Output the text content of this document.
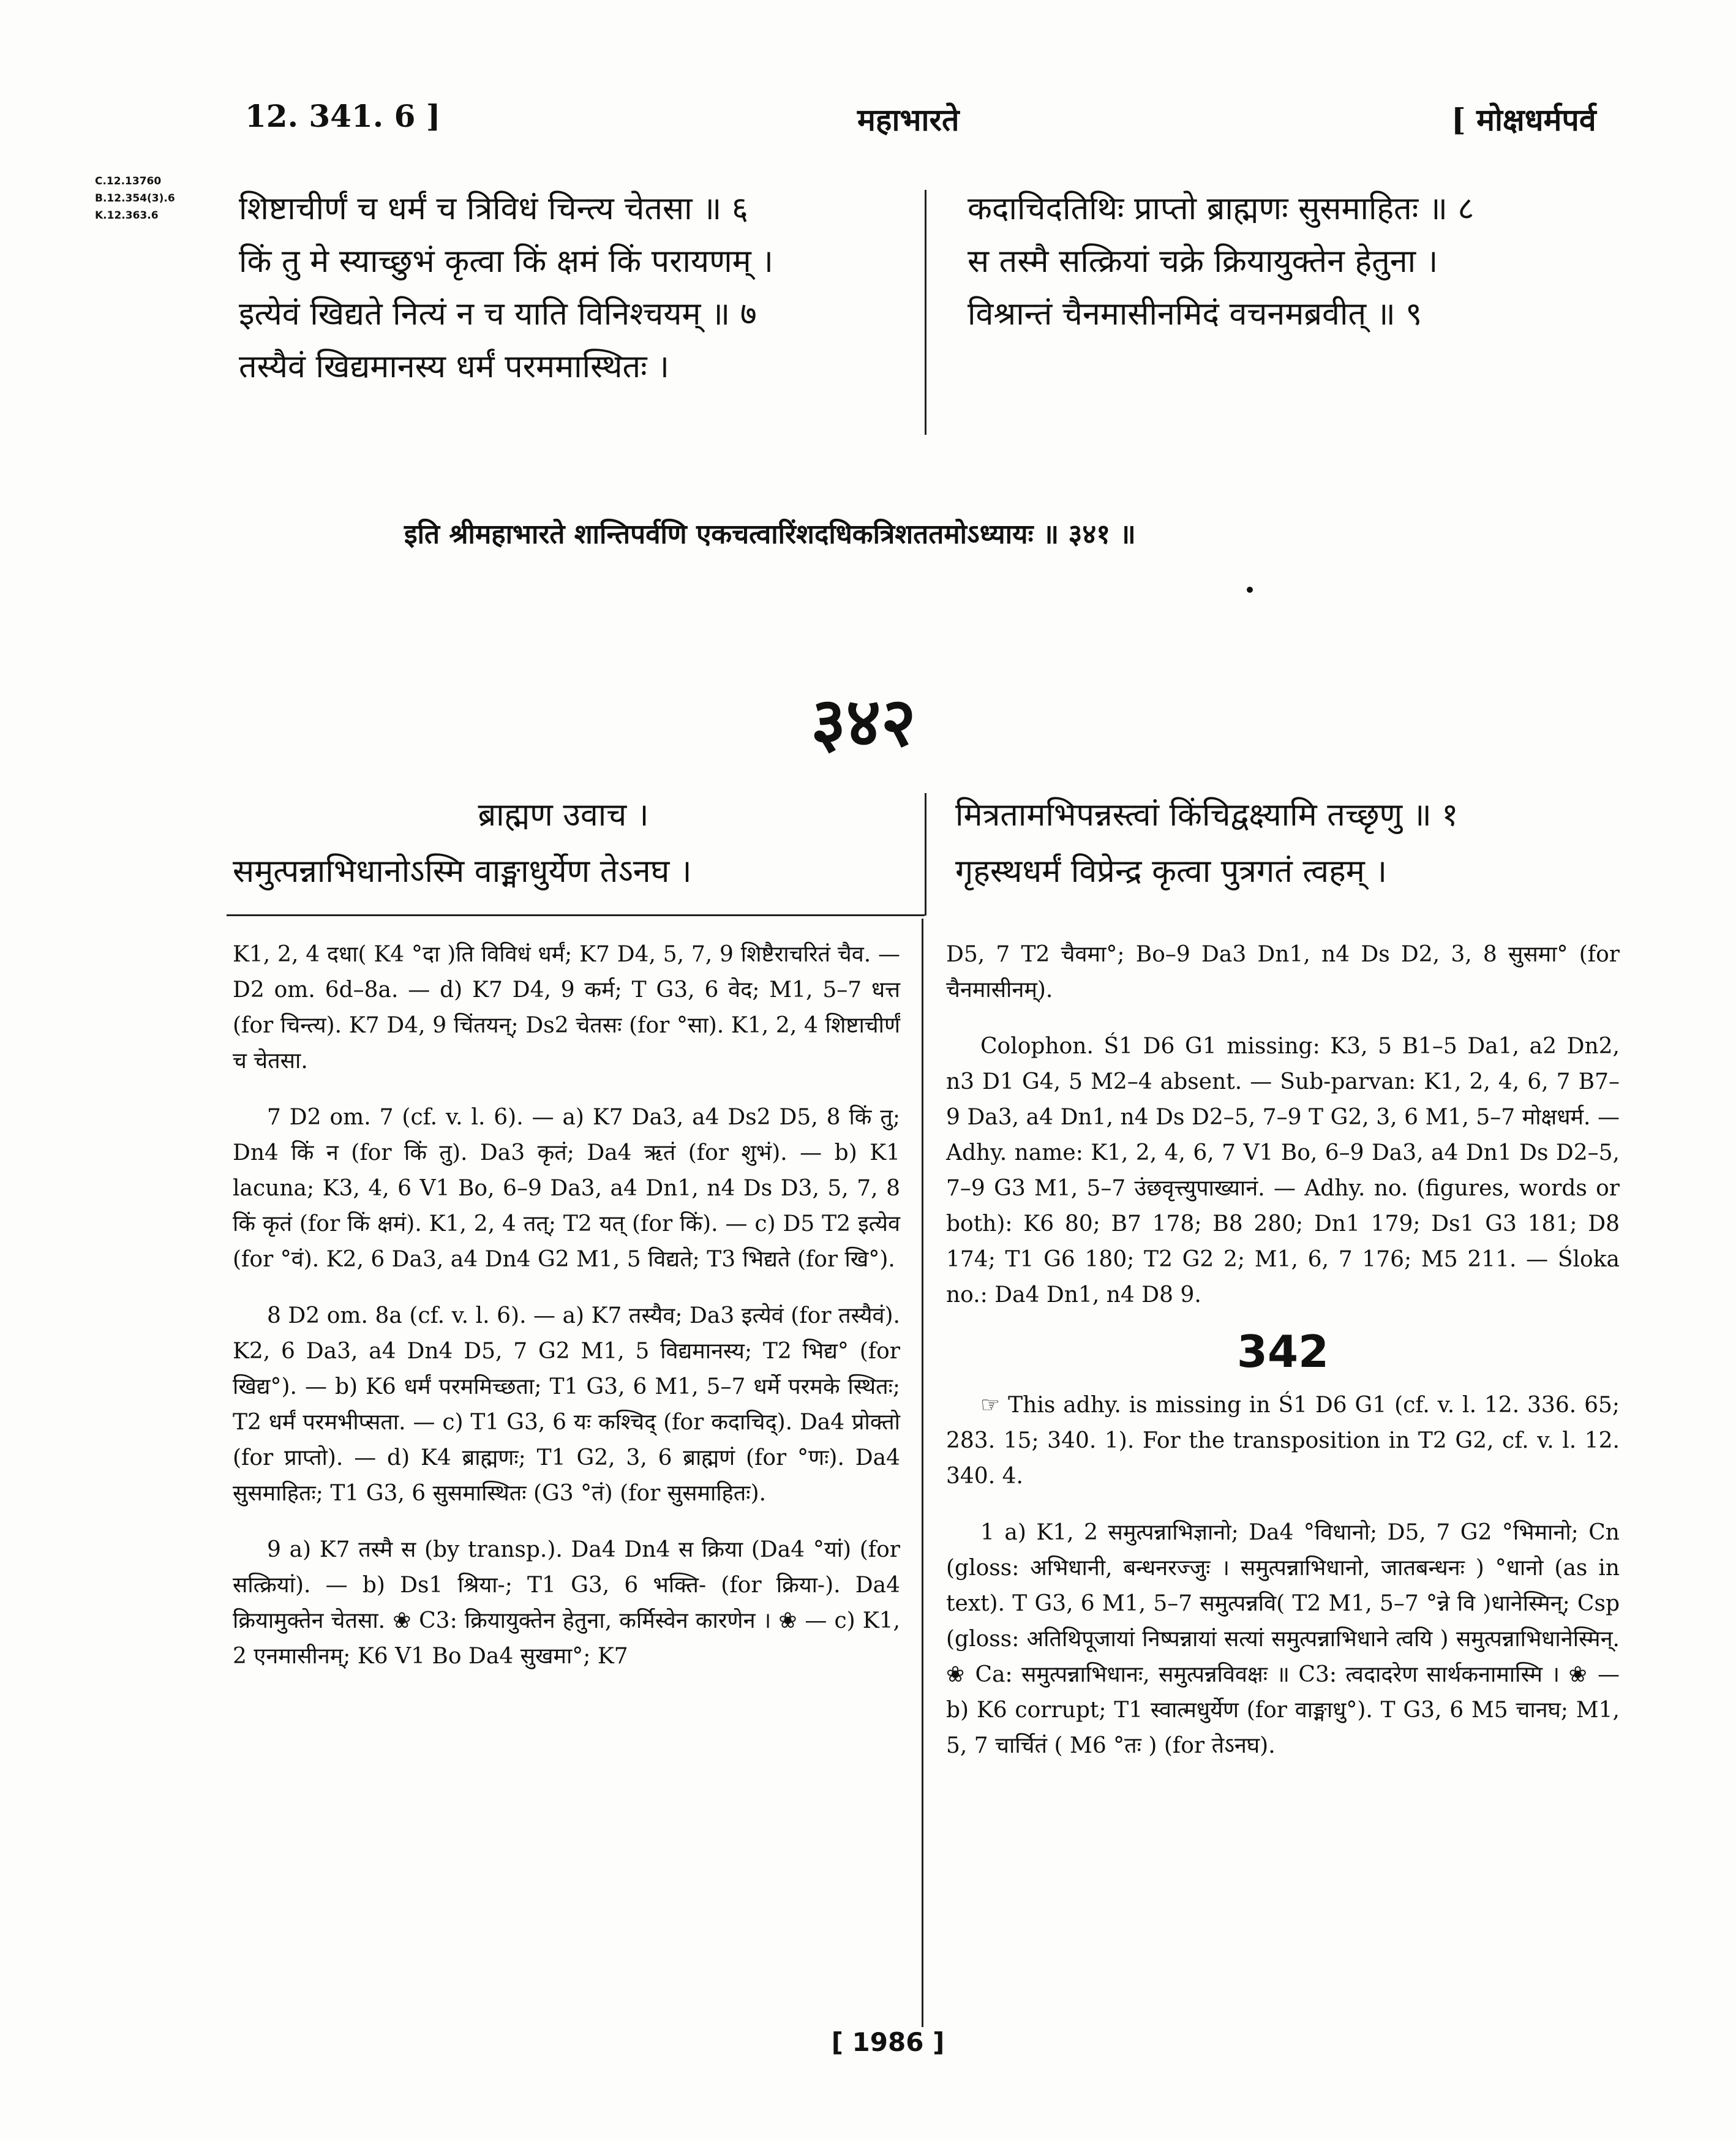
12. 341. 6 ]	महाभारते	[ मोक्षधर्मपर्व
C.12.13760
B.12.354(3).6
K.12.363.6	शिष्टाचीर्णं च धर्मं च त्रिविधं चिन्त्य चेतसा ॥ ६
किं तु मे स्याच्छुभं कृत्वा किं क्षमं किं परायणम् ।
इत्येवं खिद्यते नित्यं न च याति विनिश्चयम् ॥ ७
तस्यैवं खिद्यमानस्य धर्मं परममास्थितः ।
कदाचिदतिथिः प्राप्तो ब्राह्मणः सुसमाहितः ॥ ८
स तस्मै सत्क्रियां चक्रे क्रियायुक्तेन हेतुना ।
विश्रान्तं चैनमासीनमिदं वचनमब्रवीत् ॥ ९
इति श्रीमहाभारते शान्तिपर्वणि एकचत्वारिंशदधिकत्रिशततमोऽध्यायः ॥ ३४१ ॥
३४२
ब्राह्मण उवाच ।
समुत्पन्नाभिधानोऽस्मि वाङ्माधुर्येण तेऽनघ ।
मित्रतामभिपन्नस्त्वां किंचिद्वक्ष्यामि तच्छृणु ॥ १
गृहस्थधर्मं विप्रेन्द्र कृत्वा पुत्रगतं त्वहम् ।

K1, 2, 4 दधा( K4 °दा )ति विविधं धर्मं; K7 D4, 5, 7, 9 शिष्टैराचरितं चैव. — D2 om. 6d–8a. — d) K7 D4, 9 कर्म; T G3, 6 वेद; M1, 5–7 धत्त (for चिन्त्य). K7 D4, 9 चिंतयन्; Ds2 चेतसः (for °सा). K1, 2, 4 शिष्टाचीर्णं च चेतसा.

7 D2 om. 7 (cf. v. l. 6). — a) K7 Da3, a4 Ds2 D5, 8 किं तु; Dn4 किं न (for किं तु). Da3 कृतं; Da4 ऋतं (for शुभं). — b) K1 lacuna; K3, 4, 6 V1 Bo, 6–9 Da3, a4 Dn1, n4 Ds D3, 5, 7, 8 किं कृतं (for किं क्षमं). K1, 2, 4 तत्; T2 यत् (for किं). — c) D5 T2 इत्येव (for °वं). K2, 6 Da3, a4 Dn4 G2 M1, 5 विद्यते; T3 भिद्यते (for खि°).

8 D2 om. 8a (cf. v. l. 6). — a) K7 तस्यैव; Da3 इत्येवं (for तस्यैवं). K2, 6 Da3, a4 Dn4 D5, 7 G2 M1, 5 विद्यमानस्य; T2 भिद्य° (for खिद्य°). — b) K6 धर्मं परममिच्छता; T1 G3, 6 M1, 5–7 धर्मे परमके स्थितः; T2 धर्मं परमभीप्सता. — c) T1 G3, 6 यः कश्चिद् (for कदाचिद्). Da4 प्रोक्तो (for प्राप्तो). — d) K4 ब्राह्मणः; T1 G2, 3, 6 ब्राह्मणं (for °णः). Da4 सुसमाहितः; T1 G3, 6 सुसमास्थितः (G3 °तं) (for सुसमाहितः).

9 a) K7 तस्मै स (by transp.). Da4 Dn4 स क्रिया (Da4 °यां) (for सत्क्रियां). — b) Ds1 श्रिया-; T1 G3, 6 भक्ति- (for क्रिया-). Da4 क्रियामुक्तेन चेतसा. ❀ C3: क्रियायुक्तेन हेतुना, कर्मिस्वेन कारणेन । ❀ — c) K1, 2 एनमासीनम्; K6 V1 Bo Da4 सुखमा°; K7

D5, 7 T2 चैवमा°; Bo–9 Da3 Dn1, n4 Ds D2, 3, 8 सुसमा° (for चैनमासीनम्).

Colophon. Ś1 D6 G1 missing: K3, 5 B1–5 Da1, a2 Dn2, n3 D1 G4, 5 M2–4 absent. — Sub-parvan: K1, 2, 4, 6, 7 B7–9 Da3, a4 Dn1, n4 Ds D2–5, 7–9 T G2, 3, 6 M1, 5–7 मोक्षधर्म. — Adhy. name: K1, 2, 4, 6, 7 V1 Bo, 6–9 Da3, a4 Dn1 Ds D2–5, 7–9 G3 M1, 5–7 उंछवृत्त्युपाख्यानं. — Adhy. no. (figures, words or both): K6 80; B7 178; B8 280; Dn1 179; Ds1 G3 181; D8 174; T1 G6 180; T2 G2 2; M1, 6, 7 176; M5 211. — Śloka no.: Da4 Dn1, n4 D8 9.

342

☞ This adhy. is missing in Ś1 D6 G1 (cf. v. l. 12. 336. 65; 283. 15; 340. 1). For the transposition in T2 G2, cf. v. l. 12. 340. 4.

1 a) K1, 2 समुत्पन्नाभिज्ञानो; Da4 °विधानो; D5, 7 G2 °भिमानो; Cn (gloss: अभिधानी, बन्धनरज्जुः । समुत्पन्नाभिधानो, जातबन्धनः ) °धानो (as in text). T G3, 6 M1, 5–7 समुत्पन्नवि( T2 M1, 5–7 °न्ने वि )धानेस्मिन्; Csp (gloss: अतिथिपूजायां निष्पन्नायां सत्यां समुत्पन्नाभिधाने त्वयि ) समुत्पन्नाभिधानेस्मिन्. ❀ Ca: समुत्पन्नाभिधानः, समुत्पन्नविवक्षः ॥ C3: त्वदादरेण सार्थकनामास्मि । ❀ — b) K6 corrupt; T1 स्वात्मधुर्येण (for वाङ्माधु°). T G3, 6 M5 चानघ; M1, 5, 7 चार्चितं ( M6 °तः ) (for तेऽनघ).

[ 1986 ]
